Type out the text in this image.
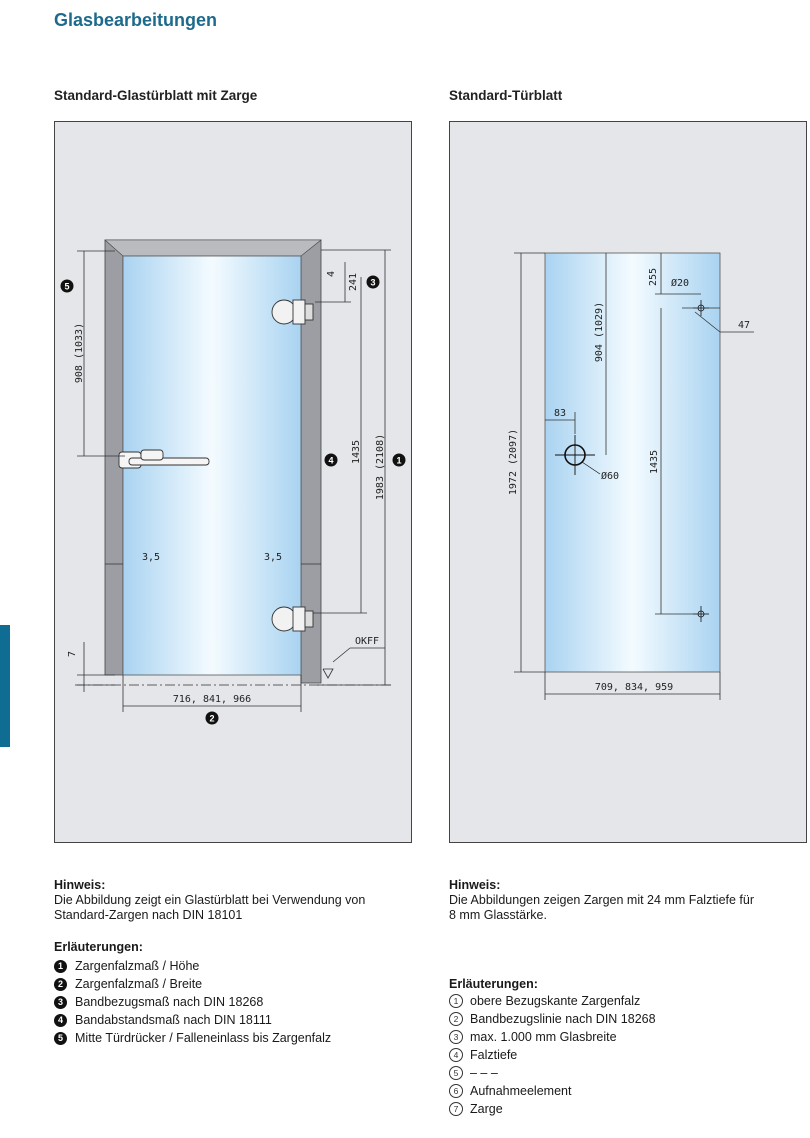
Glasbearbeitungen
Standard-Glastürblatt mit Zarge	Standard-Türblatt
908 (1033)
1435 1983 (2108)
241
4
3,5	3,5
7
716, 841, 966
OKFF
1
2
3
4
5
1972 (2097)
904 (1029)
255 Ø20
47
83
Ø60
1435
709, 834, 959
Hinweis:
Die Abbildung zeigt ein Glastürblatt bei Verwendung von
Standard-Zargen nach DIN 18101
Erläuterungen:
1 Zargenfalzmaß / Höhe
2 Zargenfalzmaß / Breite
3 Bandbezugsmaß nach DIN 18268
4 Bandabstandsmaß nach DIN 18111
5 Mitte Türdrücker / Falleneinlass bis Zargenfalz
Hinweis:
Die Abbildungen zeigen Zargen mit 24 mm Falztiefe für
8 mm Glasstärke.
Erläuterungen:
1 obere Bezugskante Zargenfalz
2 Bandbezugslinie nach DIN 18268
3 max. 1.000 mm Glasbreite
4 Falztiefe
5 – – –
6 Aufnahmeelement
7 Zarge
